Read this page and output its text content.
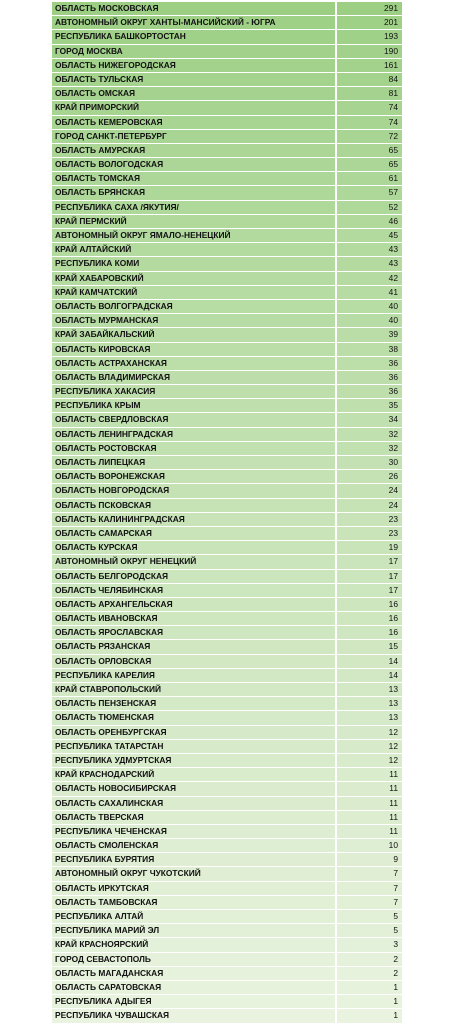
ОБЛАСТЬ МОСКОВСКАЯ	291
АВТОНОМНЫЙ ОКРУГ ХАНТЫ-МАНСИЙСКИЙ - ЮГРА	201
РЕСПУБЛИКА БАШКОРТОСТАН	193
ГОРОД МОСКВА	190
ОБЛАСТЬ НИЖЕГОРОДСКАЯ	161
ОБЛАСТЬ ТУЛЬСКАЯ	84
ОБЛАСТЬ ОМСКАЯ	81
КРАЙ ПРИМОРСКИЙ	74
ОБЛАСТЬ КЕМЕРОВСКАЯ	74
ГОРОД САНКТ-ПЕТЕРБУРГ	72
ОБЛАСТЬ АМУРСКАЯ	65
ОБЛАСТЬ ВОЛОГОДСКАЯ	65
ОБЛАСТЬ ТОМСКАЯ	61
ОБЛАСТЬ БРЯНСКАЯ	57
РЕСПУБЛИКА САХА /ЯКУТИЯ/	52
КРАЙ ПЕРМСКИЙ	46
АВТОНОМНЫЙ ОКРУГ ЯМАЛО-НЕНЕЦКИЙ	45
КРАЙ АЛТАЙСКИЙ	43
РЕСПУБЛИКА КОМИ	43
КРАЙ ХАБАРОВСКИЙ	42
КРАЙ КАМЧАТСКИЙ	41
ОБЛАСТЬ ВОЛГОГРАДСКАЯ	40
ОБЛАСТЬ МУРМАНСКАЯ	40
КРАЙ ЗАБАЙКАЛЬСКИЙ	39
ОБЛАСТЬ КИРОВСКАЯ	38
ОБЛАСТЬ АСТРАХАНСКАЯ	36
ОБЛАСТЬ ВЛАДИМИРСКАЯ	36
РЕСПУБЛИКА ХАКАСИЯ	36
РЕСПУБЛИКА КРЫМ	35
ОБЛАСТЬ СВЕРДЛОВСКАЯ	34
ОБЛАСТЬ ЛЕНИНГРАДСКАЯ	32
ОБЛАСТЬ РОСТОВСКАЯ	32
ОБЛАСТЬ ЛИПЕЦКАЯ	30
ОБЛАСТЬ ВОРОНЕЖСКАЯ	26
ОБЛАСТЬ НОВГОРОДСКАЯ	24
ОБЛАСТЬ ПСКОВСКАЯ	24
ОБЛАСТЬ КАЛИНИНГРАДСКАЯ	23
ОБЛАСТЬ САМАРСКАЯ	23
ОБЛАСТЬ КУРСКАЯ	19
АВТОНОМНЫЙ ОКРУГ НЕНЕЦКИЙ	17
ОБЛАСТЬ БЕЛГОРОДСКАЯ	17
ОБЛАСТЬ ЧЕЛЯБИНСКАЯ	17
ОБЛАСТЬ АРХАНГЕЛЬСКАЯ	16
ОБЛАСТЬ ИВАНОВСКАЯ	16
ОБЛАСТЬ ЯРОСЛАВСКАЯ	16
ОБЛАСТЬ РЯЗАНСКАЯ	15
ОБЛАСТЬ ОРЛОВСКАЯ	14
РЕСПУБЛИКА КАРЕЛИЯ	14
КРАЙ СТАВРОПОЛЬСКИЙ	13
ОБЛАСТЬ ПЕНЗЕНСКАЯ	13
ОБЛАСТЬ ТЮМЕНСКАЯ	13
ОБЛАСТЬ ОРЕНБУРГСКАЯ	12
РЕСПУБЛИКА ТАТАРСТАН	12
РЕСПУБЛИКА УДМУРТСКАЯ	12
КРАЙ КРАСНОДАРСКИЙ	11
ОБЛАСТЬ НОВОСИБИРСКАЯ	11
ОБЛАСТЬ САХАЛИНСКАЯ	11
ОБЛАСТЬ ТВЕРСКАЯ	11
РЕСПУБЛИКА ЧЕЧЕНСКАЯ	11
ОБЛАСТЬ СМОЛЕНСКАЯ	10
РЕСПУБЛИКА БУРЯТИЯ	9
АВТОНОМНЫЙ ОКРУГ ЧУКОТСКИЙ	7
ОБЛАСТЬ ИРКУТСКАЯ	7
ОБЛАСТЬ ТАМБОВСКАЯ	7
РЕСПУБЛИКА АЛТАЙ	5
РЕСПУБЛИКА МАРИЙ ЭЛ	5
КРАЙ КРАСНОЯРСКИЙ	3
ГОРОД СЕВАСТОПОЛЬ	2
ОБЛАСТЬ МАГАДАНСКАЯ	2
ОБЛАСТЬ САРАТОВСКАЯ	1
РЕСПУБЛИКА АДЫГЕЯ	1
РЕСПУБЛИКА ЧУВАШСКАЯ	1
